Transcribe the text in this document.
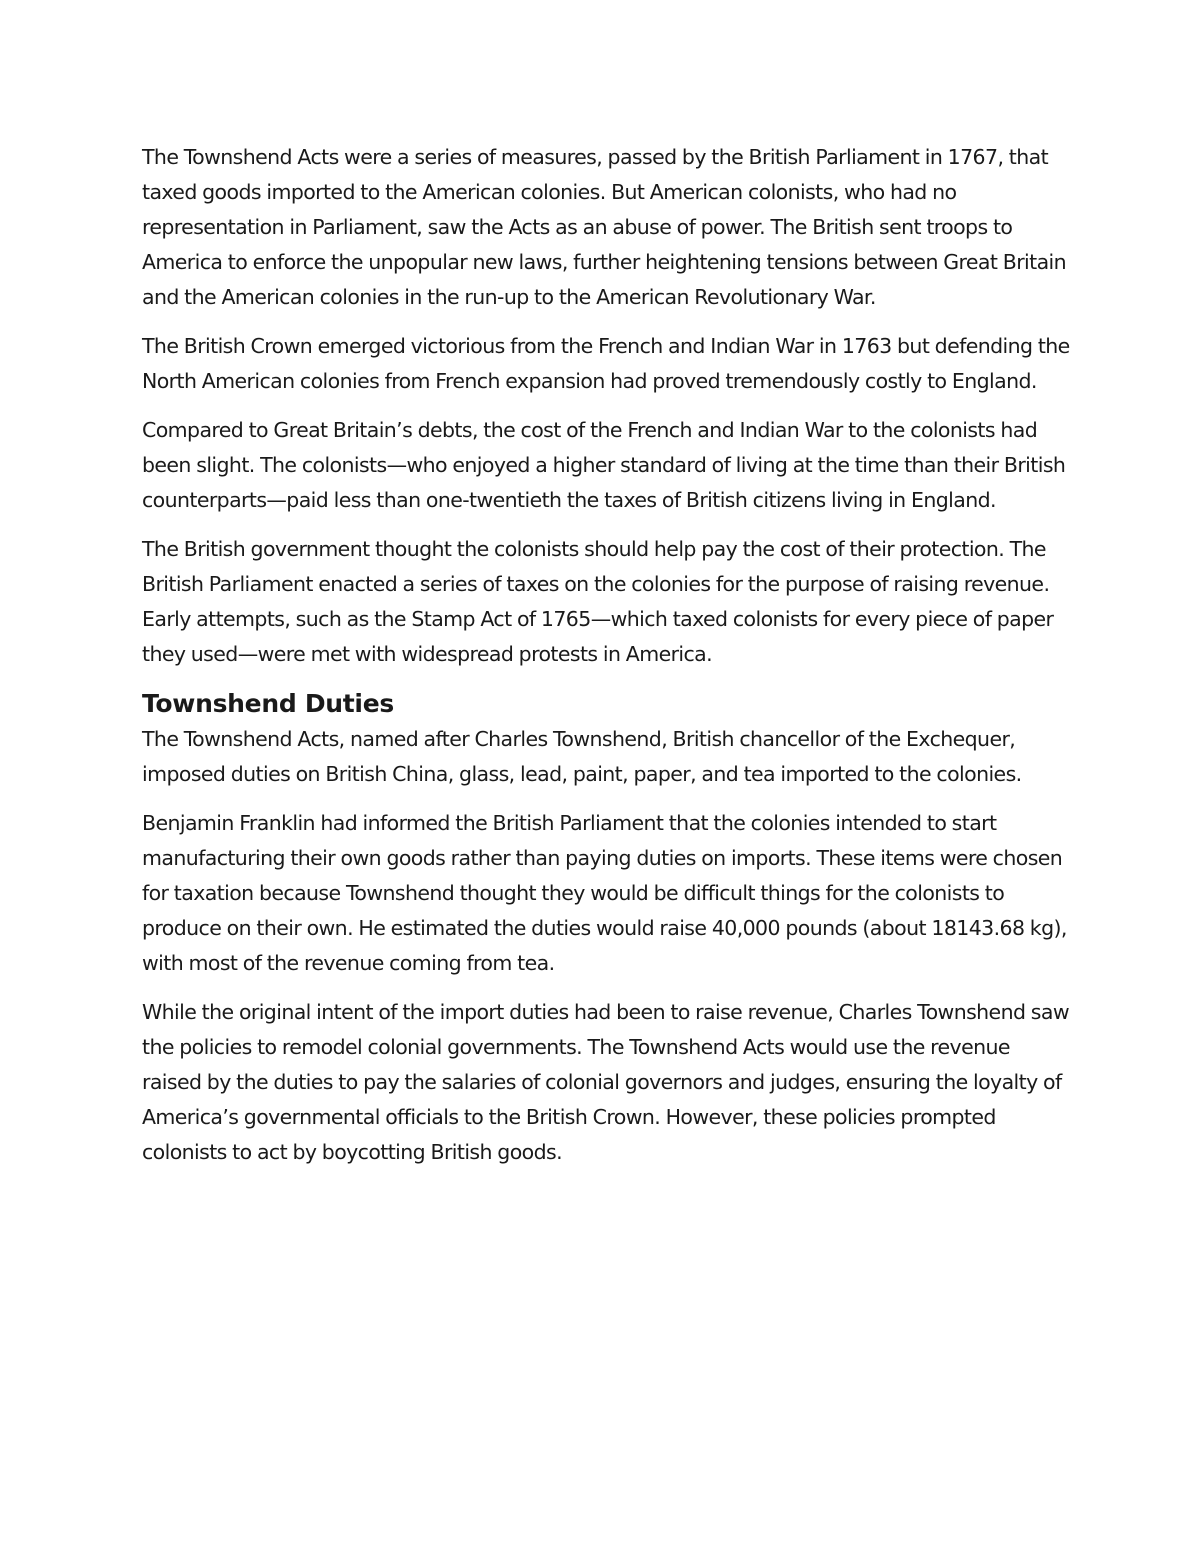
The Townshend Acts were a series of measures, passed by the British Parliament in 1767, that taxed goods imported to the American colonies. But American colonists, who had no representation in Parliament, saw the Acts as an abuse of power. The British sent troops to America to enforce the unpopular new laws, further heightening tensions between Great Britain and the American colonies in the run-up to the American Revolutionary War.

The British Crown emerged victorious from the French and Indian War in 1763 but defending the North American colonies from French expansion had proved tremendously costly to England.

Compared to Great Britain’s debts, the cost of the French and Indian War to the colonists had been slight. The colonists—who enjoyed a higher standard of living at the time than their British counterparts—paid less than one-twentieth the taxes of British citizens living in England.

The British government thought the colonists should help pay the cost of their protection. The British Parliament enacted a series of taxes on the colonies for the purpose of raising revenue. Early attempts, such as the Stamp Act of 1765—which taxed colonists for every piece of paper they used—were met with widespread protests in America.

Townshend Duties

The Townshend Acts, named after Charles Townshend, British chancellor of the Exchequer, imposed duties on British China, glass, lead, paint, paper, and tea imported to the colonies.

Benjamin Franklin had informed the British Parliament that the colonies intended to start manufacturing their own goods rather than paying duties on imports. These items were chosen for taxation because Townshend thought they would be difficult things for the colonists to produce on their own. He estimated the duties would raise 40,000 pounds (about 18143.68 kg), with most of the revenue coming from tea.

While the original intent of the import duties had been to raise revenue, Charles Townshend saw the policies to remodel colonial governments. The Townshend Acts would use the revenue raised by the duties to pay the salaries of colonial governors and judges, ensuring the loyalty of America’s governmental officials to the British Crown. However, these policies prompted colonists to act by boycotting British goods.
